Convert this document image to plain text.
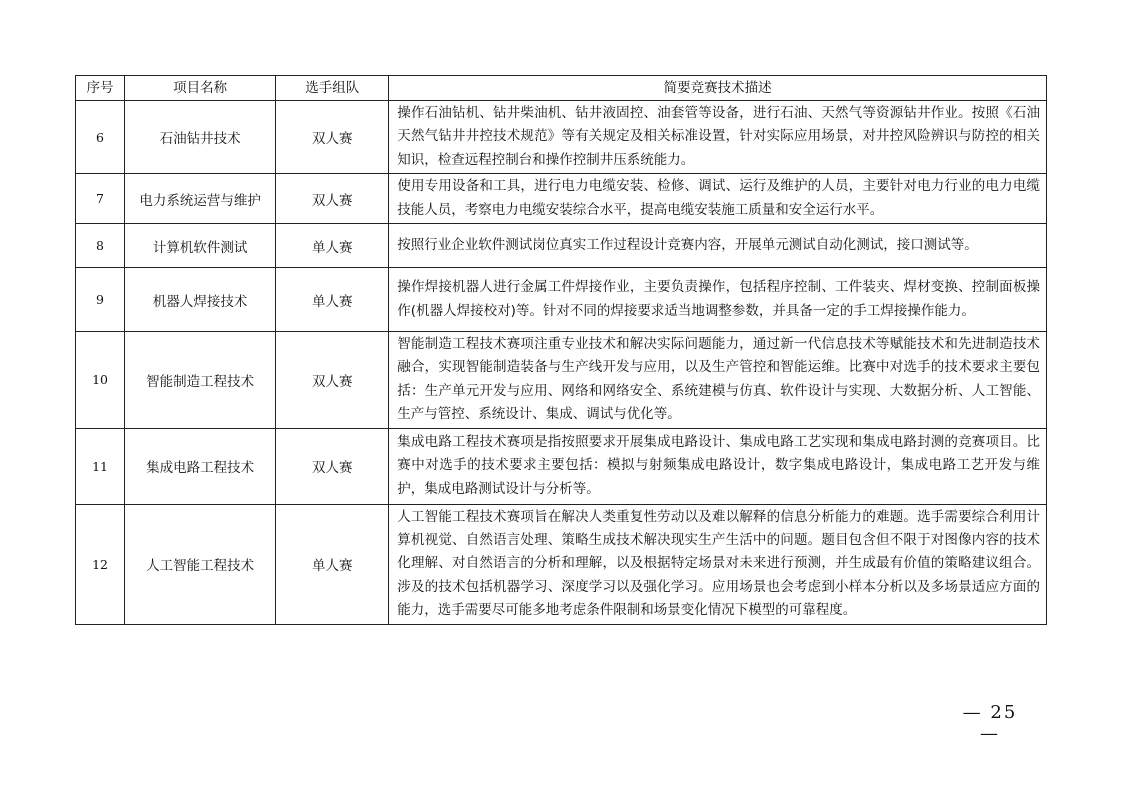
序号	项目名称	选手组队	简要竞赛技术描述
6	石油钻井技术	双人赛	操作石油钻机、钻井柴油机、钻井液固控、油套管等设备，进行石油、天然气等资源钻井作业。按照《石油天然气钻井井控技术规范》等有关规定及相关标准设置，针对实际应用场景，对井控风险辨识与防控的相关知识，检查远程控制台和操作控制井压系统能力。
7	电力系统运营与维护	双人赛	使用专用设备和工具，进行电力电缆安装、检修、调试、运行及维护的人员，主要针对电力行业的电力电缆技能人员，考察电力电缆安装综合水平，提高电缆安装施工质量和安全运行水平。
8	计算机软件测试	单人赛	按照行业企业软件测试岗位真实工作过程设计竞赛内容，开展单元测试自动化测试，接口测试等。
9	机器人焊接技术	单人赛	操作焊接机器人进行金属工件焊接作业，主要负责操作，包括程序控制、工件装夹、焊材变换、控制面板操作(机器人焊接校对)等。针对不同的焊接要求适当地调整参数，并具备一定的手工焊接操作能力。
10	智能制造工程技术	双人赛	智能制造工程技术赛项注重专业技术和解决实际问题能力，通过新一代信息技术等赋能技术和先进制造技术融合，实现智能制造装备与生产线开发与应用，以及生产管控和智能运维。比赛中对选手的技术要求主要包括：生产单元开发与应用、网络和网络安全、系统建模与仿真、软件设计与实现、大数据分析、人工智能、生产与管控、系统设计、集成、调试与优化等。
11	集成电路工程技术	双人赛	集成电路工程技术赛项是指按照要求开展集成电路设计、集成电路工艺实现和集成电路封测的竞赛项目。比赛中对选手的技术要求主要包括：模拟与射频集成电路设计，数字集成电路设计，集成电路工艺开发与维护，集成电路测试设计与分析等。
12	人工智能工程技术	单人赛	人工智能工程技术赛项旨在解决人类重复性劳动以及难以解释的信息分析能力的难题。选手需要综合利用计算机视觉、自然语言处理、策略生成技术解决现实生产生活中的问题。题目包含但不限于对图像内容的技术化理解、对自然语言的分析和理解，以及根据特定场景对未来进行预测，并生成最有价值的策略建议组合。涉及的技术包括机器学习、深度学习以及强化学习。应用场景也会考虑到小样本分析以及多场景适应方面的能力，选手需要尽可能多地考虑条件限制和场景变化情况下模型的可靠程度。
— 25 —
